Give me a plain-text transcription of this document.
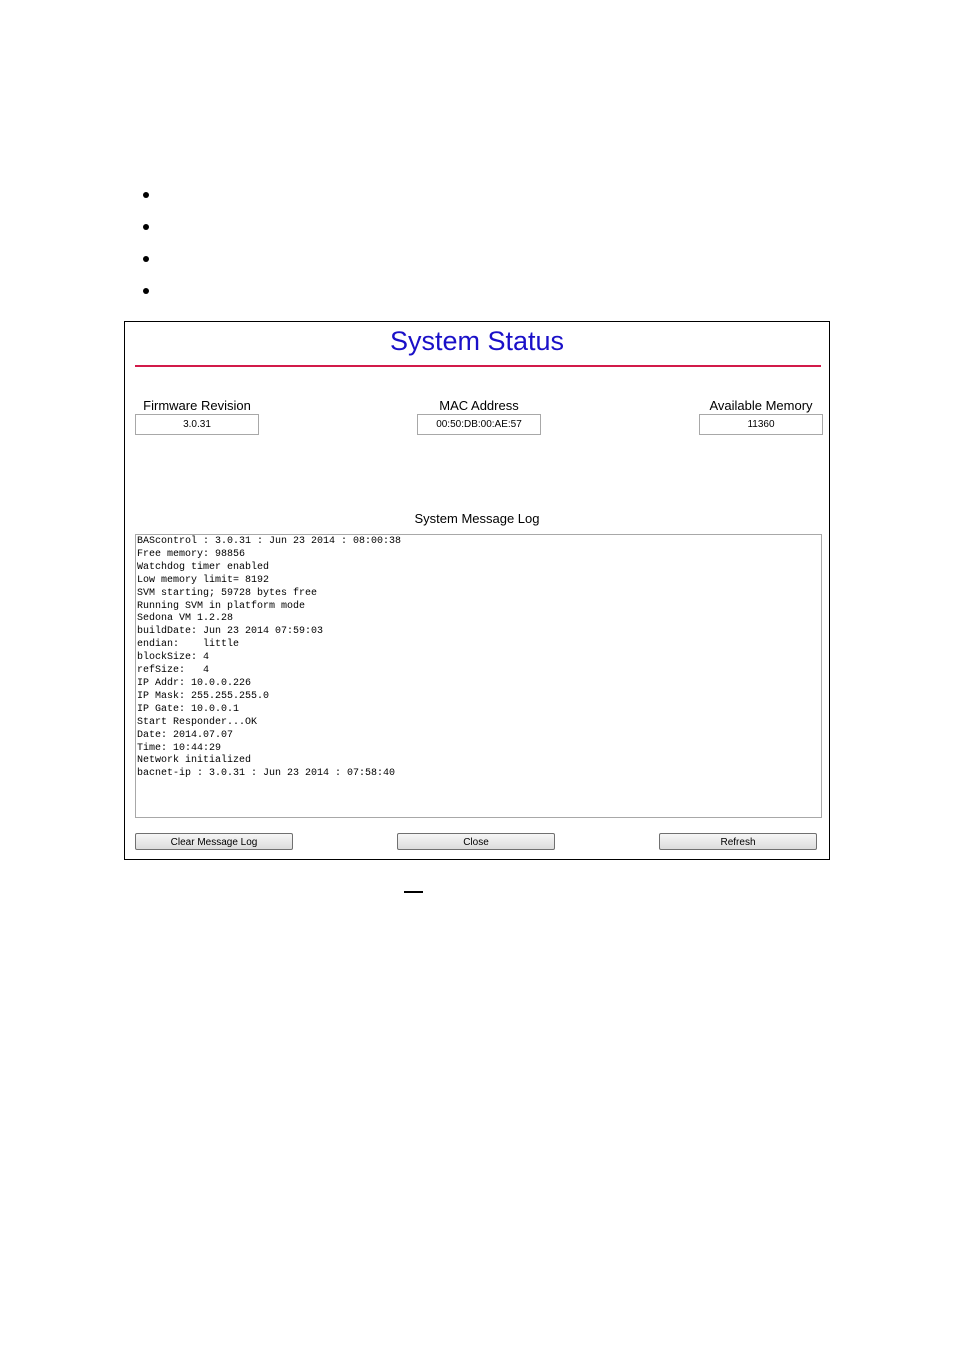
System Status
Firmware Revision
3.0.31
MAC Address
00:50:DB:00:AE:57
Available Memory
11360
System Message Log
BAScontrol : 3.0.31 : Jun 23 2014 : 08:00:38
Free memory: 98856
Watchdog timer enabled
Low memory limit= 8192
SVM starting; 59728 bytes free
Running SVM in platform mode
Sedona VM 1.2.28
buildDate: Jun 23 2014 07:59:03
endian:    little
blockSize: 4
refSize:   4
IP Addr: 10.0.0.226
IP Mask: 255.255.255.0
IP Gate: 10.0.0.1
Start Responder...OK
Date: 2014.07.07
Time: 10:44:29
Network initialized
bacnet-ip : 3.0.31 : Jun 23 2014 : 07:58:40
Clear Message Log	Close	Refresh
